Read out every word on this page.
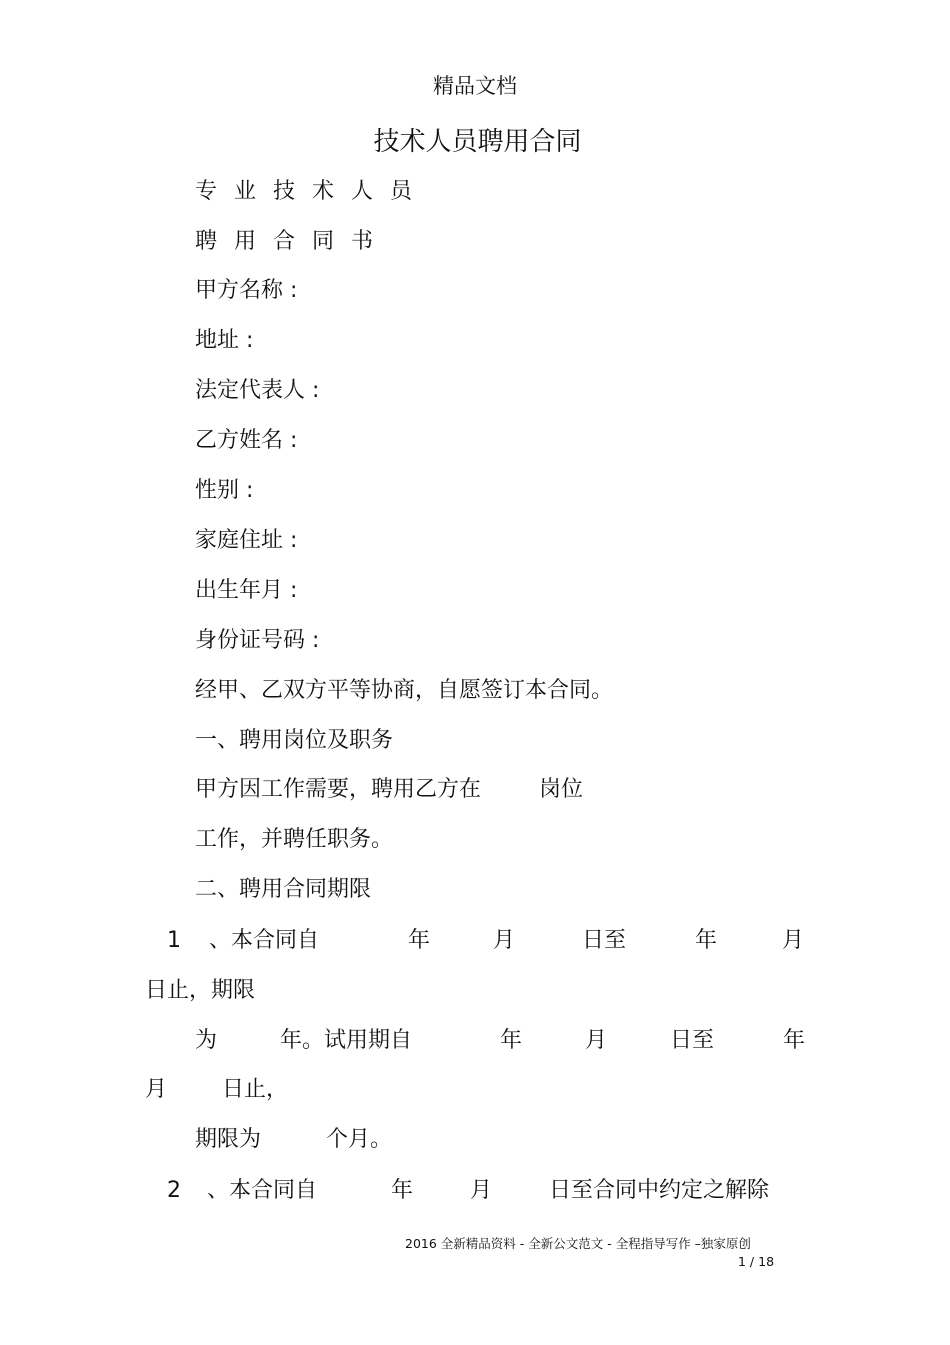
精品文档
技术人员聘用合同
专业技术人员
聘用合同书
甲方名称 :
地址 :
法定代表人 :
乙方姓名 :
性别 :
家庭住址 :
出生年月 :
身份证号码 :
经甲、乙双方平等协商，自愿签订本合同。
一、聘用岗位及职务
甲方因工作需要，聘用乙方在	岗位
工作，并聘任职务。
二、聘用合同期限
1 、本合同自	年	月	日至	年	月
日止，期限
为	年。试用期自	年	月	日至	年
月 日止，
期限为	个月。
2 、本合同自	年	月	日至合同中约定之解除
2016 全新精品资料 - 全新公文范文 - 全程指导写作 –独家原创
1 / 18
